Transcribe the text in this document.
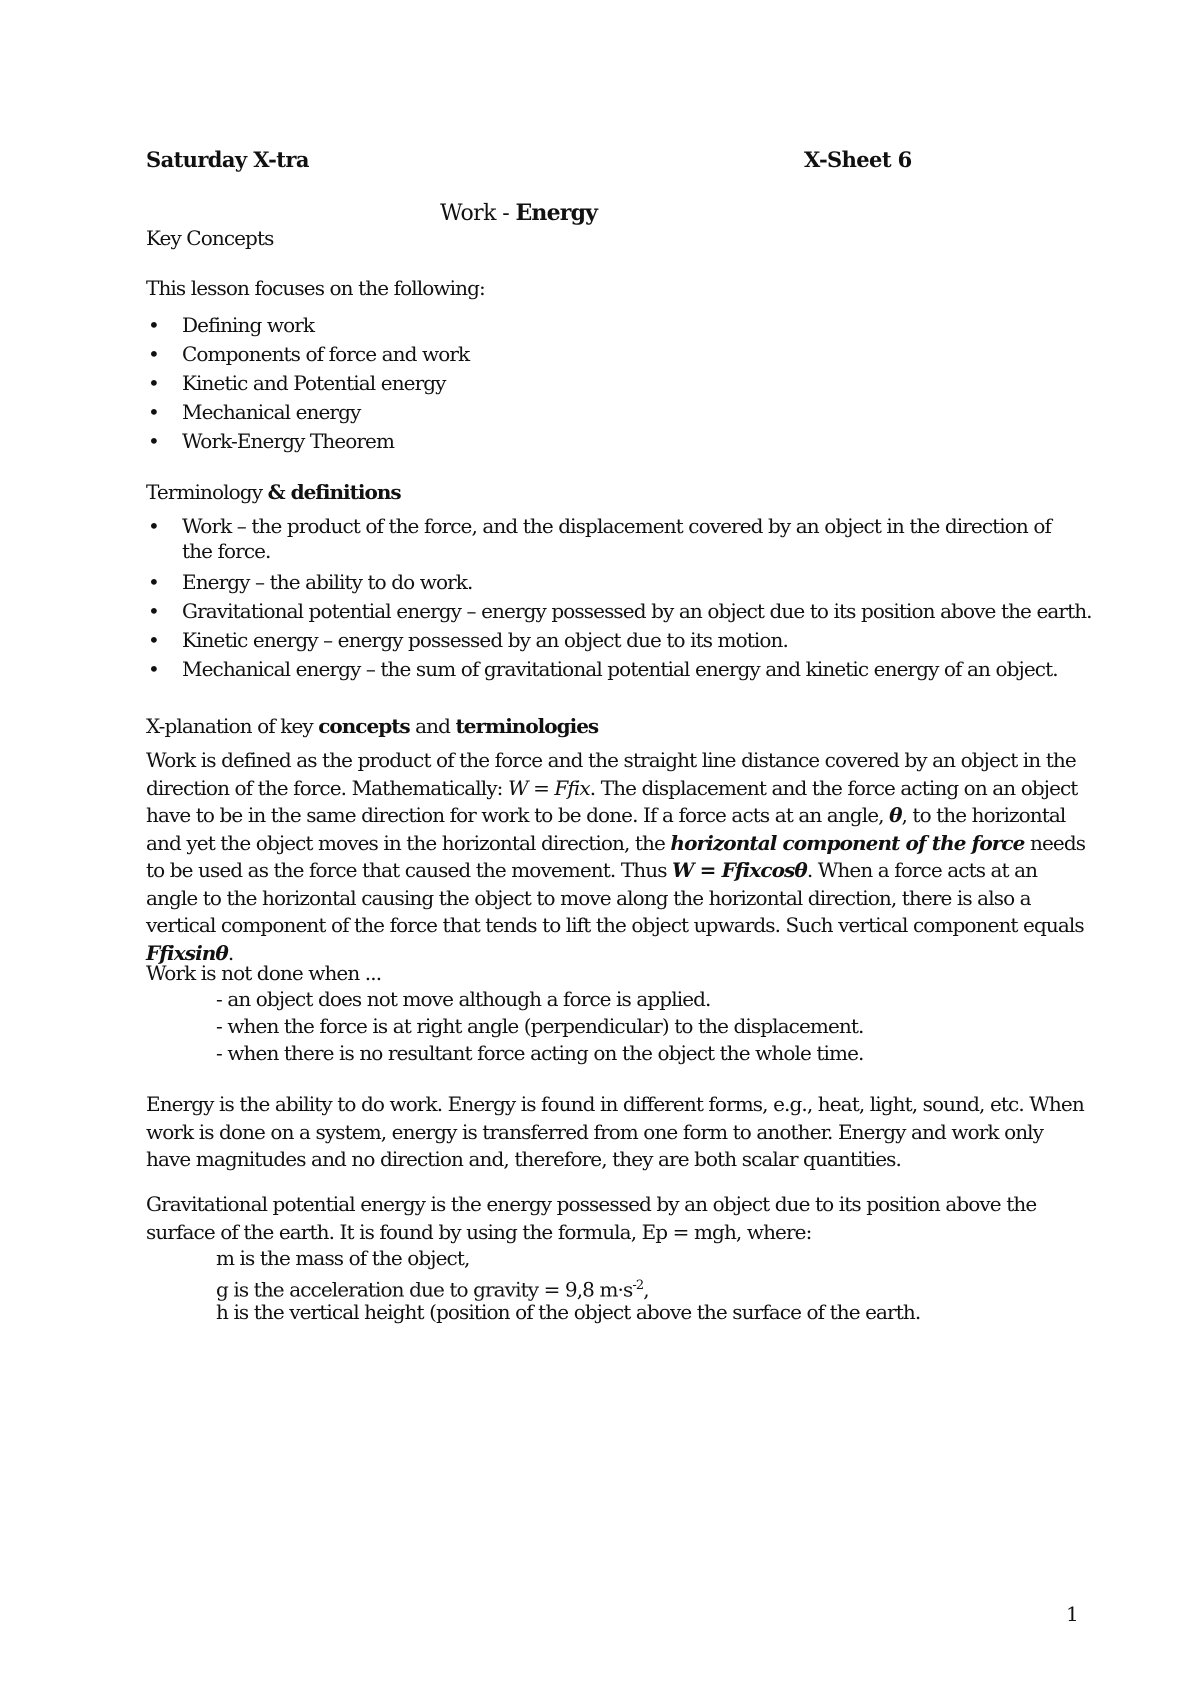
Saturday X-tra	X-Sheet 6
Work - Energy
Key Concepts
This lesson focuses on the following:
• Defining work
• Components of force and work
• Kinetic and Potential energy
• Mechanical energy
• Work-Energy Theorem
Terminology & definitions
• Work – the product of the force, and the displacement covered by an object in the direction of the force.
• Energy – the ability to do work.
• Gravitational potential energy – energy possessed by an object due to its position above the earth.
• Kinetic energy – energy possessed by an object due to its motion.
• Mechanical energy – the sum of gravitational potential energy and kinetic energy of an object.
X-planation of key concepts and terminologies
Work is defined as the product of the force and the straight line distance covered by an object in the direction of the force. Mathematically: W = Ffix. The displacement and the force acting on an object have to be in the same direction for work to be done. If a force acts at an angle, θ, to the horizontal and yet the object moves in the horizontal direction, the horizontal component of the force needs to be used as the force that caused the movement. Thus W = Ffixcosθ. When a force acts at an angle to the horizontal causing the object to move along the horizontal direction, there is also a vertical component of the force that tends to lift the object upwards. Such vertical component equals Ffixsinθ.
Work is not done when ...
- an object does not move although a force is applied.
- when the force is at right angle (perpendicular) to the displacement.
- when there is no resultant force acting on the object the whole time.
Energy is the ability to do work. Energy is found in different forms, e.g., heat, light, sound, etc. When work is done on a system, energy is transferred from one form to another. Energy and work only have magnitudes and no direction and, therefore, they are both scalar quantities.
Gravitational potential energy is the energy possessed by an object due to its position above the surface of the earth. It is found by using the formula, Ep = mgh, where:
m is the mass of the object,
g is the acceleration due to gravity = 9,8 $m\cdot s^{-2}$,
h is the vertical height (position of the object above the surface of the earth.
1
